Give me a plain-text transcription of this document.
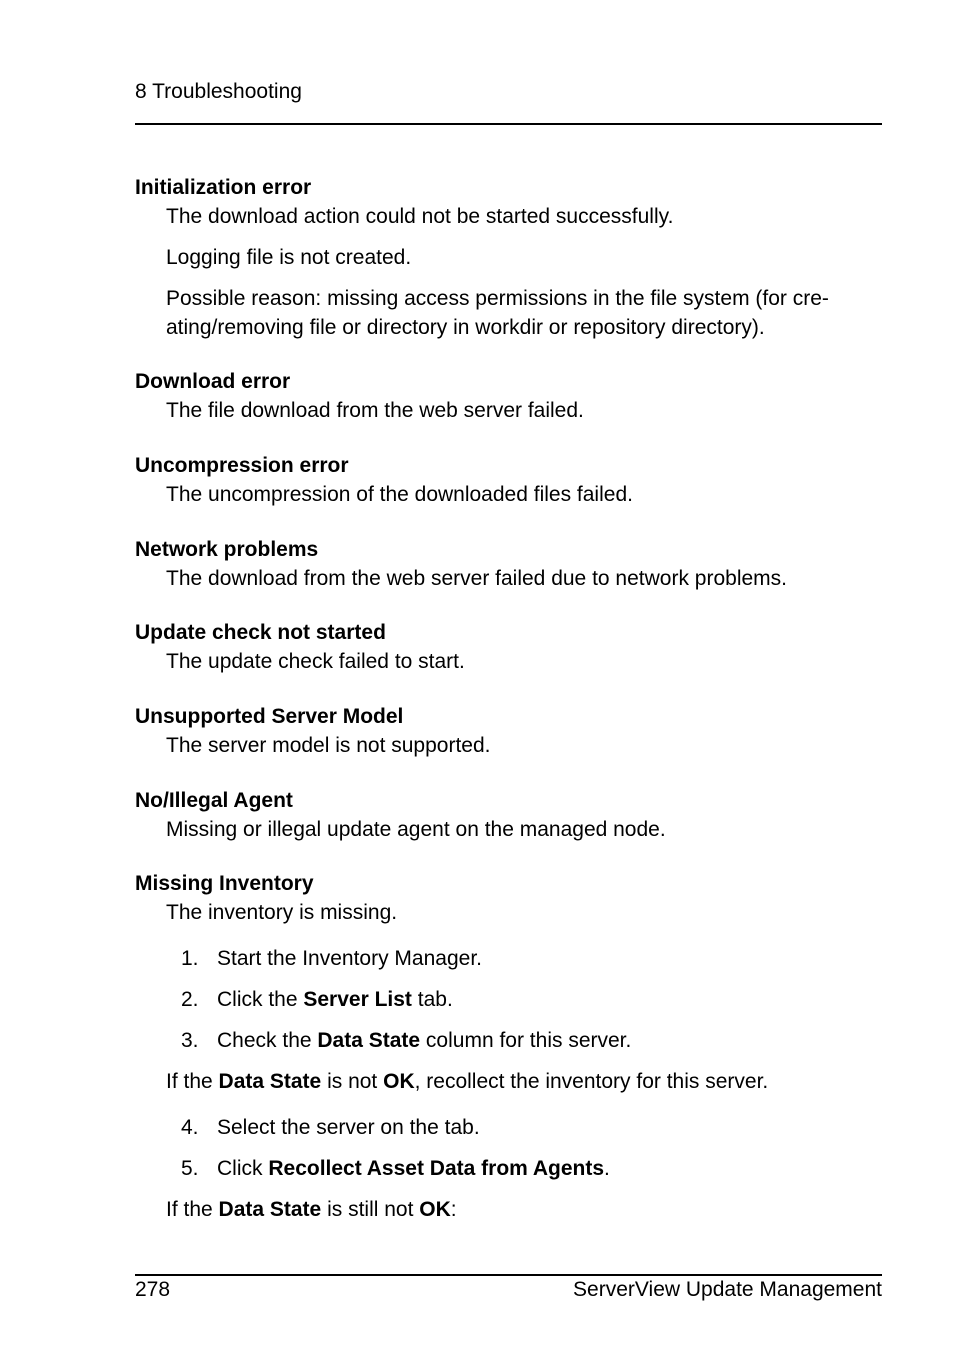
8 Troubleshooting
Initialization error
The download action could not be started successfully.
Logging file is not created.
Possible reason: missing access permissions in the file system (for cre-
ating/removing file or directory in workdir or repository directory).
Download error
The file download from the web server failed.
Uncompression error
The uncompression of the downloaded files failed.
Network problems
The download from the web server failed due to network problems.
Update check not started
The update check failed to start.
Unsupported Server Model
The server model is not supported.
No/Illegal Agent
Missing or illegal update agent on the managed node.
Missing Inventory
The inventory is missing.
1. Start the Inventory Manager.
2. Click the Server List tab.
3. Check the Data State column for this server.
If the Data State is not OK, recollect the inventory for this server.
4. Select the server on the tab.
5. Click Recollect Asset Data from Agents.
If the Data State is still not OK:
278	ServerView Update Management
